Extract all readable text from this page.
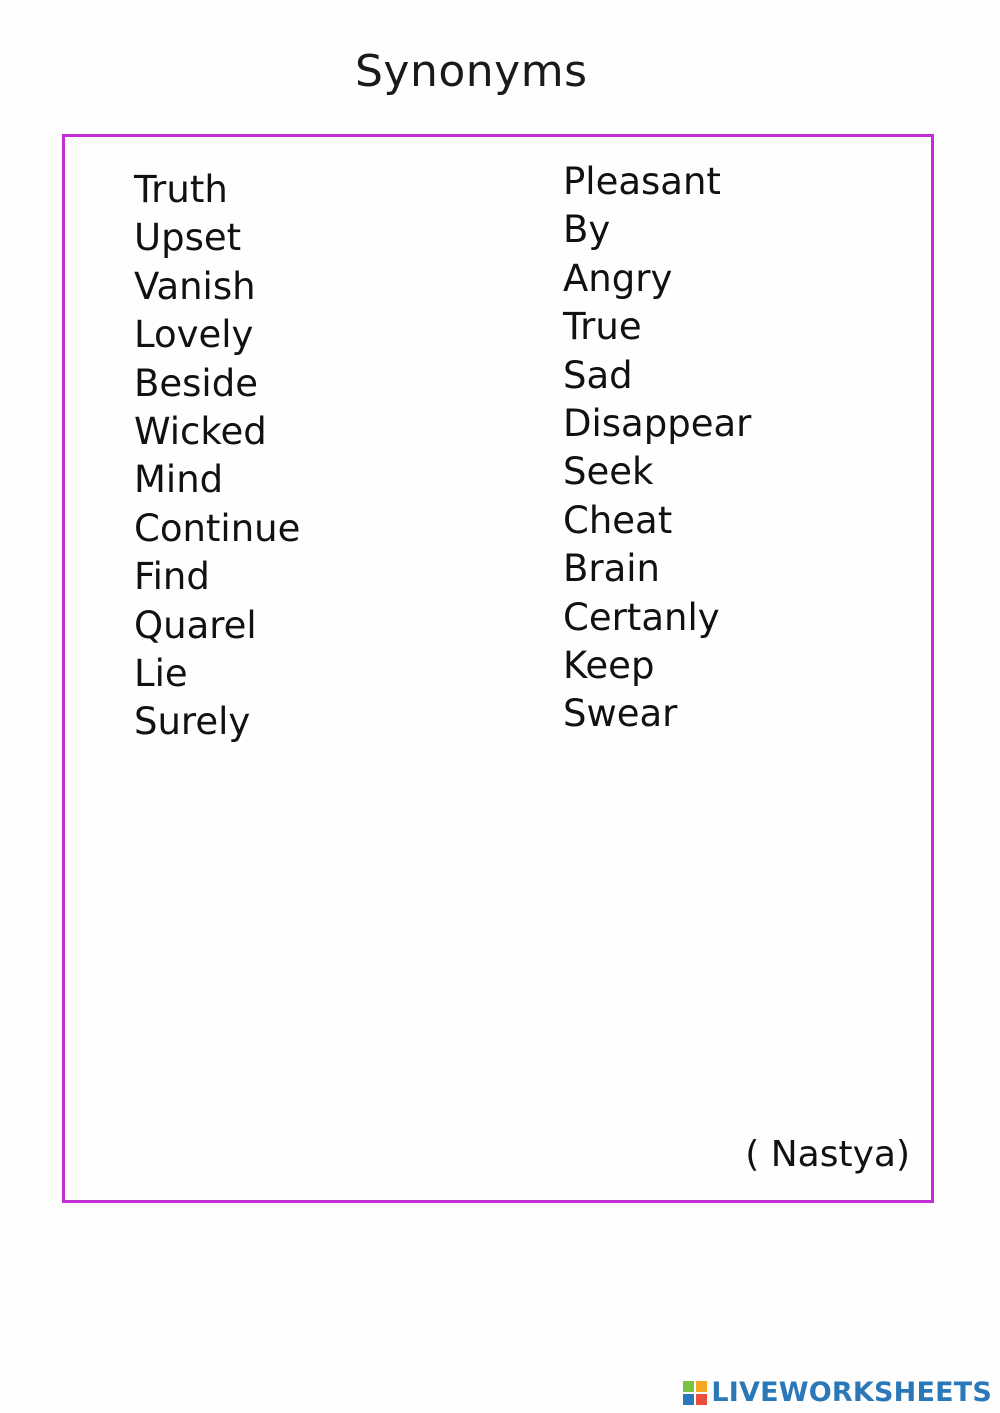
Synonyms
Truth
Upset
Vanish
Lovely
Beside
Wicked
Mind
Continue
Find
Quarel
Lie
Surely
Pleasant
By
Angry
True
Sad
Disappear
Seek
Cheat
Brain
Certanly
Keep
Swear
( Nastya)
LIVEWORKSHEETS
